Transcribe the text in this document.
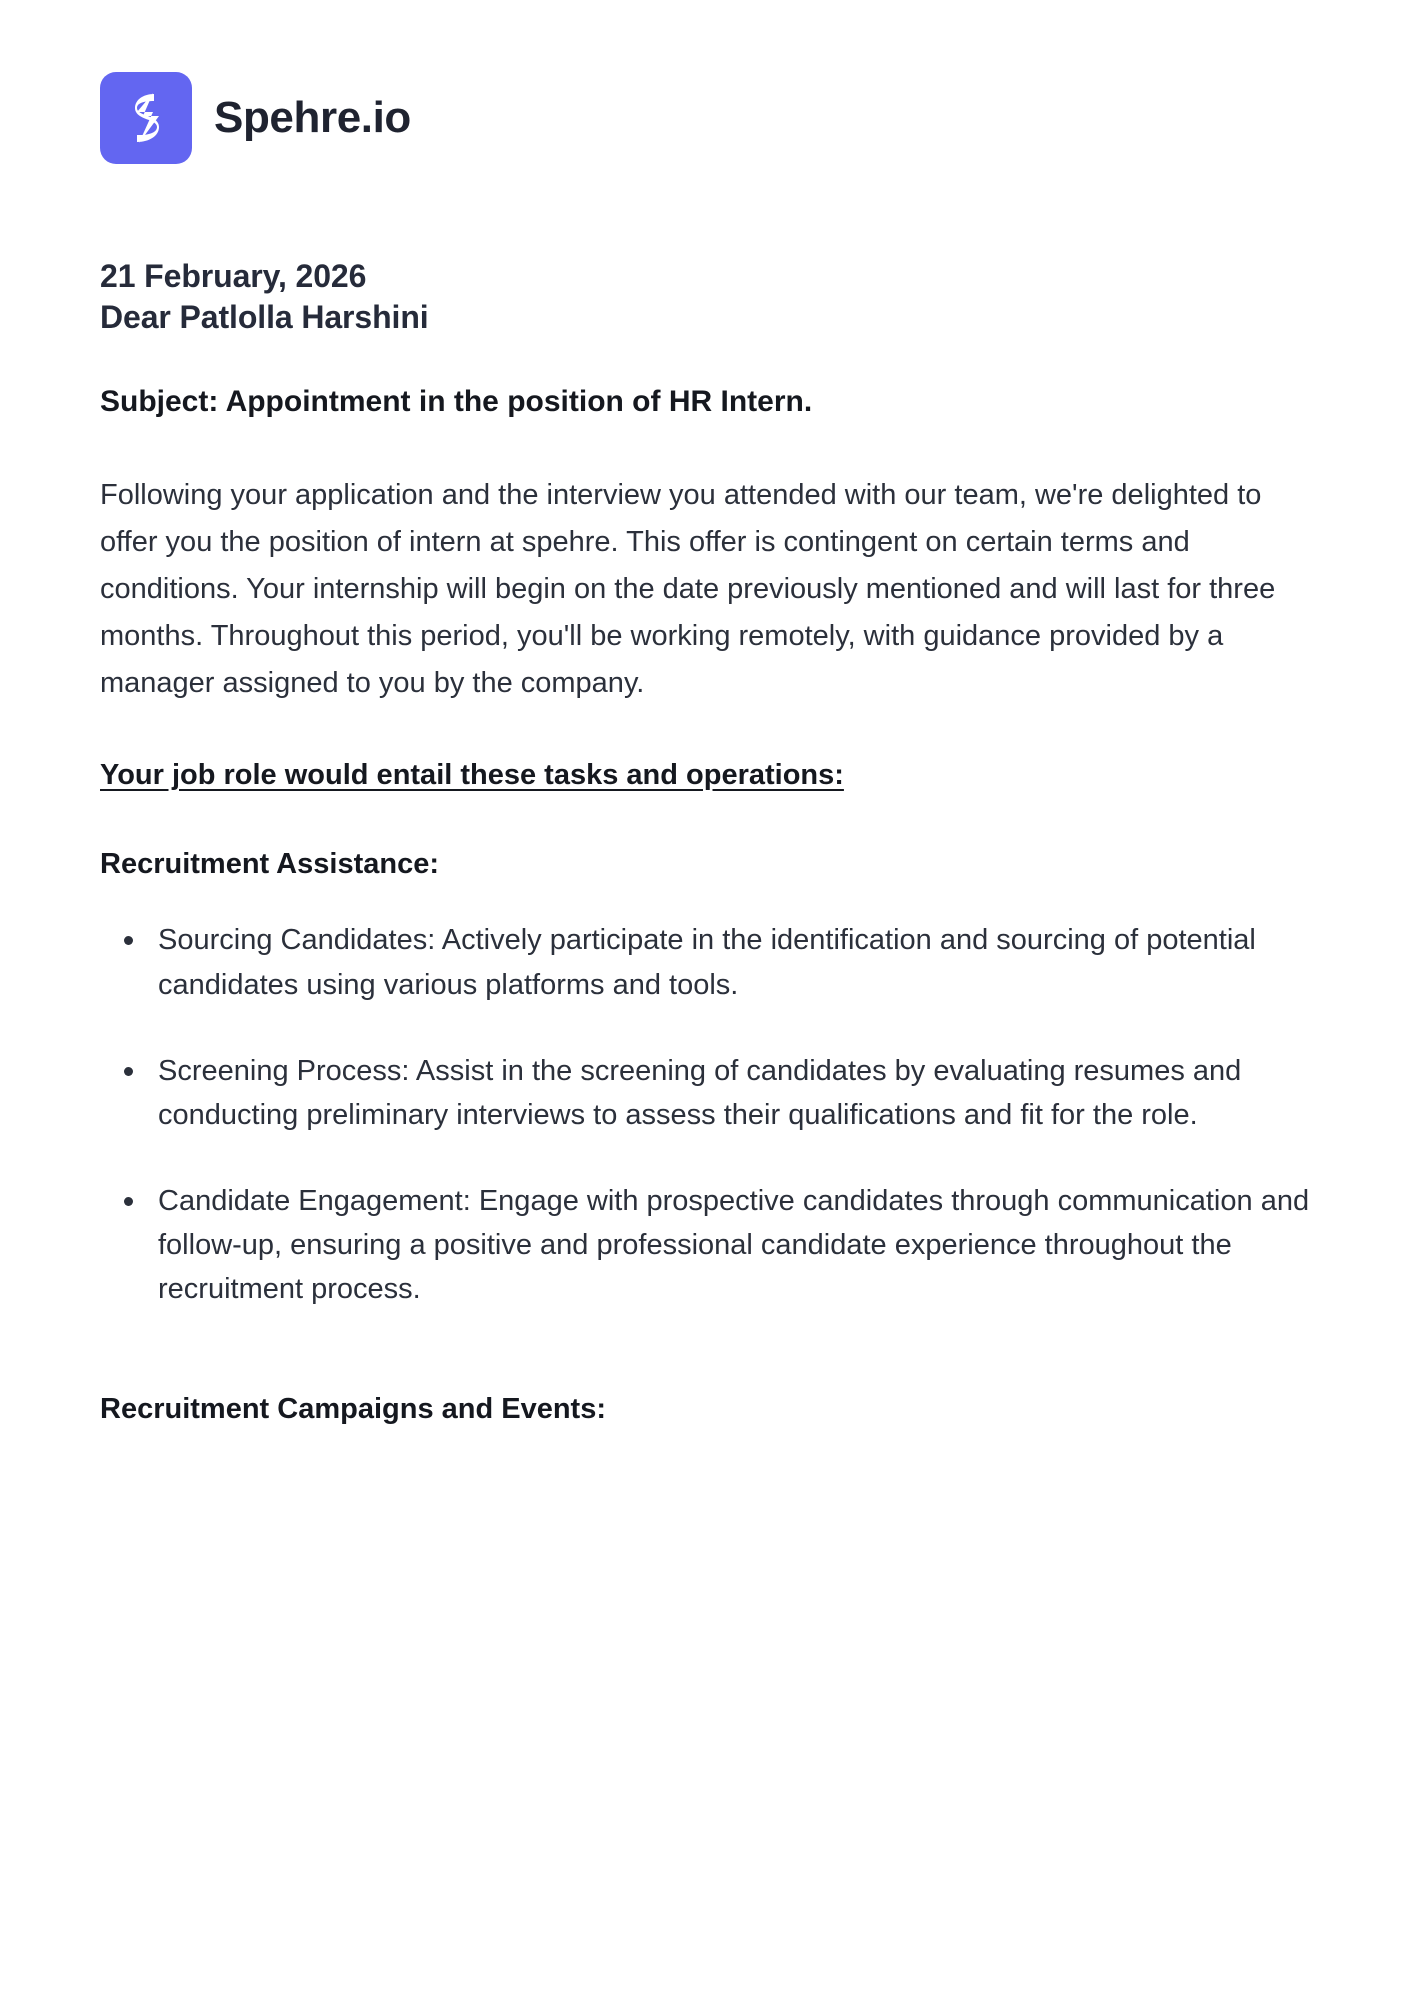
Spehre.io
21 February, 2026
Dear Patlolla Harshini
Subject: Appointment in the position of HR Intern.

Following your application and the interview you attended with our team, we're delighted to offer you the position of intern at spehre. This offer is contingent on certain terms and conditions. Your internship will begin on the date previously mentioned and will last for three months. Throughout this period, you'll be working remotely, with guidance provided by a manager assigned to you by the company.

Your job role would entail these tasks and operations:

Recruitment Assistance:
Sourcing Candidates: Actively participate in the identification and sourcing of potential candidates using various platforms and tools.
Screening Process: Assist in the screening of candidates by evaluating resumes and conducting preliminary interviews to assess their qualifications and fit for the role.
Candidate Engagement: Engage with prospective candidates through communication and follow-up, ensuring a positive and professional candidate experience throughout the recruitment process.
Recruitment Campaigns and Events:
